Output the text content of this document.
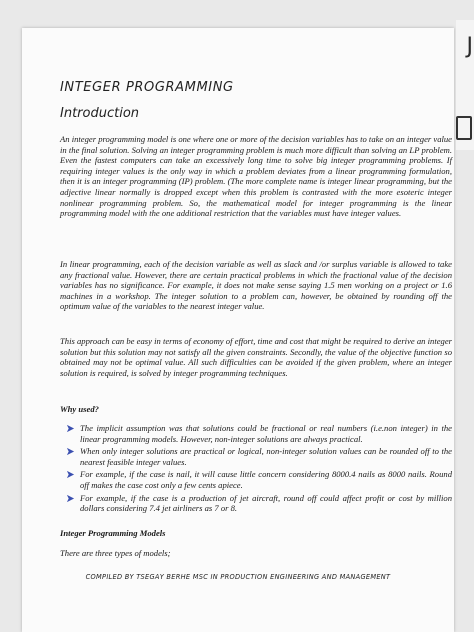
INTEGER PROGRAMMING
Introduction

An integer programming model is one where one or more of the decision variables has to take on an integer value in the final solution. Solving an integer programming problem is much more difficult than solving an LP problem. Even the fastest computers can take an excessively long time to solve big integer programming problems. If requiring integer values is the only way in which a problem deviates from a linear programming formulation, then it is an integer programming (IP) problem. (The more complete name is integer linear programming, but the adjective linear normally is dropped except when this problem is contrasted with the more esoteric integer nonlinear programming problem. So, the mathematical model for integer programming is the linear programming model with the one additional restriction that the variables must have integer values.

In linear programming, each of the decision variable as well as slack and /or surplus variable is allowed to take any fractional value. However, there are certain practical problems in which the fractional value of the decision variables has no significance. For example, it does not make sense saying 1.5 men working on a project or 1.6 machines in a workshop. The integer solution to a problem can, however, be obtained by rounding off the optimum value of the variables to the nearest integer value.

This approach can be easy in terms of economy of effort, time and cost that might be required to derive an integer solution but this solution may not satisfy all the given constraints. Secondly, the value of the objective function so obtained may not be optimal value. All such difficulties can be avoided if the given problem, where an integer solution is required, is solved by integer programming techniques.

Why used?
The implicit assumption was that solutions could be fractional or real numbers (i.e.non integer) in the linear programming models. However, non-integer solutions are always practical.
When only integer solutions are practical or logical, non-integer solution values can be rounded off to the nearest feasible integer values.
For example, if the case is nail, it will cause little concern considering 8000.4 nails as 8000 nails. Round off makes the case cost only a few cents apiece.
For example, if the case is a production of jet aircraft, round off could affect profit or cost by million dollars considering 7.4 jet airliners as 7 or 8.
Integer Programming Models
There are three types of models;
COMPILED BY TSEGAY BERHE MSC IN PRODUCTION ENGINEERING AND MANAGEMENT
J
